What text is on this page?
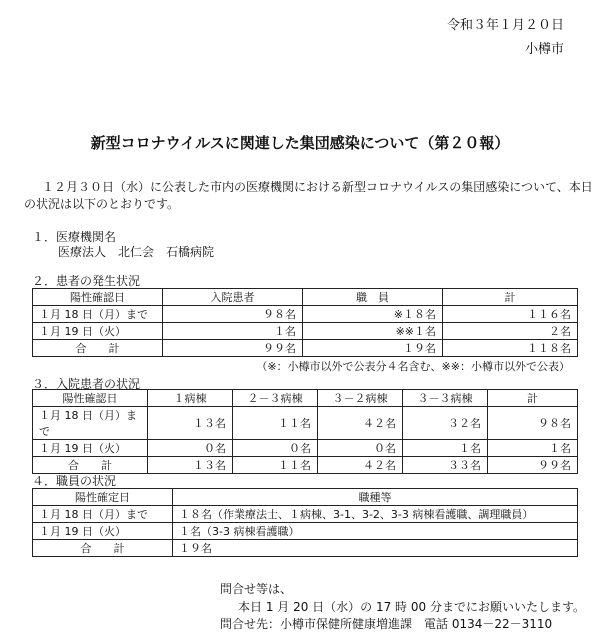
令和３年１月２０日
小樽市
新型コロナウイルスに関連した集団感染について（第２０報）
１２月３０日（水）に公表した市内の医療機関における新型コロナウイルスの集団感染について、本日
の状況は以下のとおりです。
１．医療機関名
医療法人　北仁会　石橋病院
２．患者の発生状況
陽性確認日	入院患者	職　員	計
１月 18 日（月）まで	９８名	※１８名	１１６名
１月 19 日（火）	１名	※※１名	２名
合　　計	９９名	１９名	１１８名
（※：小樽市以外で公表分４名含む、※※：小樽市以外で公表）
３．入院患者の状況
陽性確認日	１病棟	２－３病棟	３－２病棟	３－３病棟	計
１月 18 日（月）まで	１３名	１１名	４２名	３２名	９８名
１月 19 日（火）	０名	０名	０名	１名	１名
合　　計	１３名	１１名	４２名	３３名	９９名
４．職員の状況
陽性確定日	職種等
１月 18 日（月）まで	１８名（作業療法士、１病棟、3-1、3-2、3-3 病棟看護職、調理職員）
１月 19 日（火）	１名（3-3 病棟看護職）
合　　計	１９名
問合せ等は、
本日 1 月 20 日（水）の 17 時 00 分までにお願いいたします。
問合せ先：小樽市保健所健康増進課　電話 0134－22－3110
